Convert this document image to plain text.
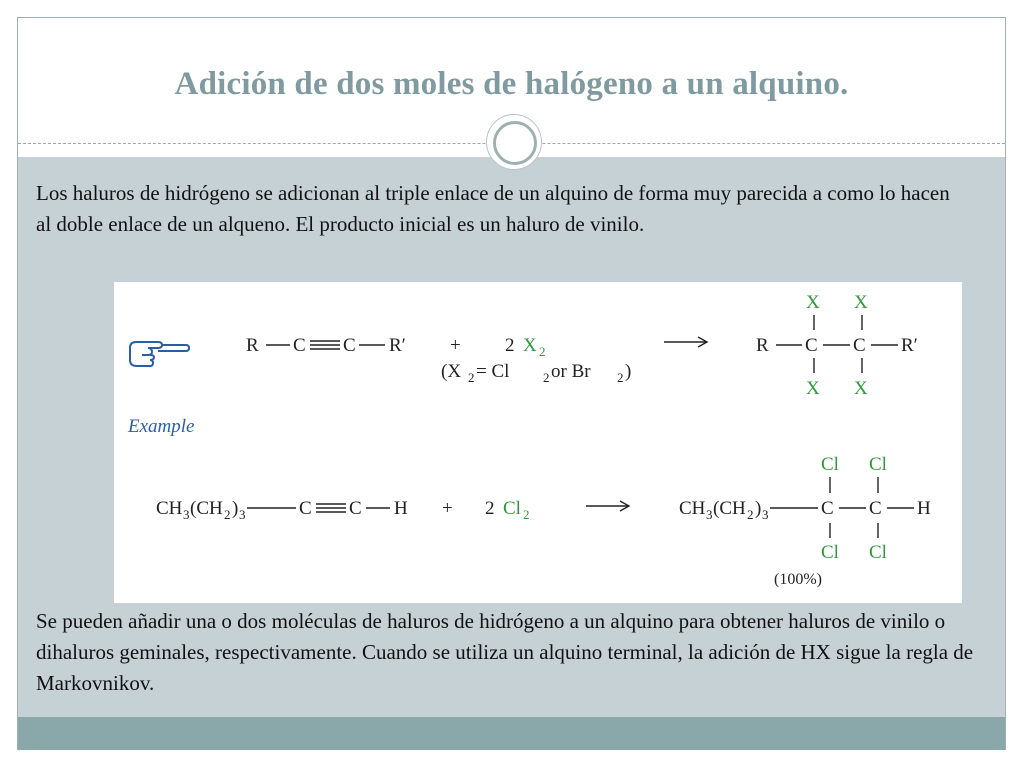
Adición de dos moles de halógeno a un alquino.
Los haluros de hidrógeno se adicionan al triple enlace de un alquino de forma muy parecida a como lo hacen al doble enlace de un alqueno. El producto inicial es un haluro de vinilo.
R C C R′ + 2 X 2
(X 2 = Cl	2 or Br 2 )
X X
R C C R′
X X
Example
CH 3 (CH 2 ) 3	C C H + 2 Cl 2
Cl Cl
CH 3 (CH 2 ) 3	C C H
Cl Cl
(100%)
Se pueden añadir una o dos moléculas de haluros de hidrógeno a un alquino para obtener haluros de vinilo o dihaluros geminales, respectivamente. Cuando se utiliza un alquino terminal, la adición de HX sigue la regla de Markovnikov.
